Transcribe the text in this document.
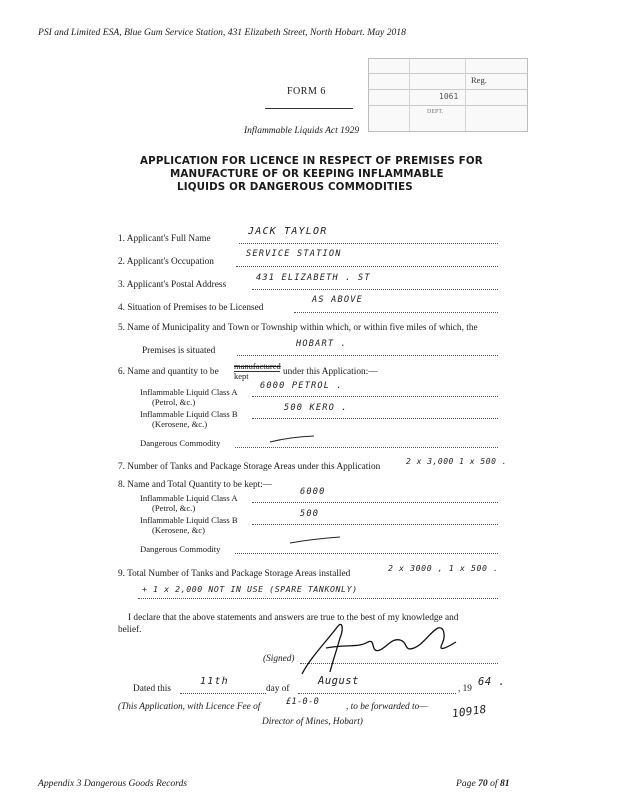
PSI and Limited ESA, Blue Gum Service Station, 431 Elizabeth Street, North Hobart. May 2018
Reg.
1061
DEPT.
FORM 6
Inflammable Liquids Act 1929
APPLICATION FOR LICENCE IN RESPECT OF PREMISES FOR
MANUFACTURE OF OR KEEPING INFLAMMABLE
LIQUIDS OR DANGEROUS COMMODITIES
1. Applicant's Full Name
JACK TAYLOR
2. Applicant's Occupation
SERVICE STATION
3. Applicant's Postal Address
431 ELIZABETH . ST
4. Situation of Premises to be Licensed
AS ABOVE
5. Name of Municipality and Town or Township within which, or within five miles of which, the
Premises is situated
HOBART .
6. Name and quantity to be
manufactured
kept	under this Application:—
Inflammable Liquid Class A
(Petrol, &c.)
6000 PETROL .
Inflammable Liquid Class B
(Kerosene, &c.)
500 KERO .
Dangerous Commodity
7. Number of Tanks and Package Storage Areas under this Application
2 x 3,000 1 x 500 .
8. Name and Total Quantity to be kept:—
Inflammable Liquid Class A
(Petrol, &c.)
6000
Inflammable Liquid Class B
(Kerosene, &c)
500
Dangerous Commodity
9. Total Number of Tanks and Package Storage Areas installed
2 x 3000 , 1 x 500 .
+ 1 x 2,000 NOT IN USE (SPARE TANKONLY)
I declare that the above statements and answers are true to the best of my knowledge and
belief.
(Signed)
Dated this
11th
day of
August
, 19
64 .
(This Application, with Licence Fee of	£1-0-0	, to be forwarded to—
Director of Mines, Hobart)
10918
Appendix 3 Dangerous Goods Records	Page 70 of 81
